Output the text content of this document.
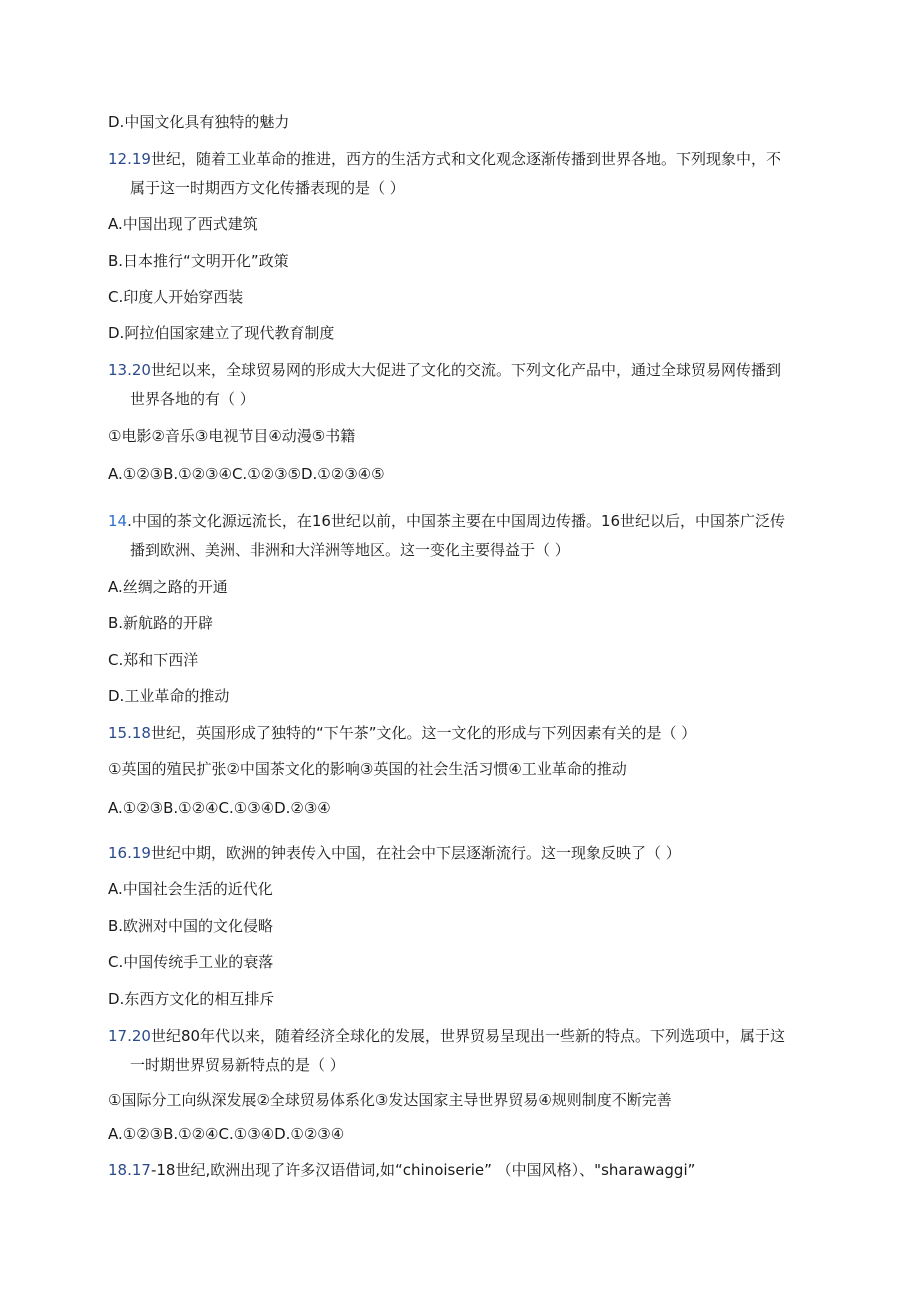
D.中国文化具有独特的魅力
12.19世纪，随着工业革命的推进，西方的生活方式和文化观念逐渐传播到世界各地。下列现象中，不
属于这一时期西方文化传播表现的是（ ）
A.中国出现了西式建筑
B.日本推行“文明开化”政策
C.印度人开始穿西装
D.阿拉伯国家建立了现代教育制度
13.20世纪以来，全球贸易网的形成大大促进了文化的交流。下列文化产品中，通过全球贸易网传播到
世界各地的有（ ）
①电影②音乐③电视节目④动漫⑤书籍
A.①②③B.①②③④C.①②③⑤D.①②③④⑤
14.中国的茶文化源远流长，在16世纪以前，中国茶主要在中国周边传播。16世纪以后，中国茶广泛传
播到欧洲、美洲、非洲和大洋洲等地区。这一变化主要得益于（ ）
A.丝绸之路的开通
B.新航路的开辟
C.郑和下西洋
D.工业革命的推动
15.18世纪，英国形成了独特的“下午茶”文化。这一文化的形成与下列因素有关的是（ ）
①英国的殖民扩张②中国茶文化的影响③英国的社会生活习惯④工业革命的推动
A.①②③B.①②④C.①③④D.②③④
16.19世纪中期，欧洲的钟表传入中国，在社会中下层逐渐流行。这一现象反映了（ ）
A.中国社会生活的近代化
B.欧洲对中国的文化侵略
C.中国传统手工业的衰落
D.东西方文化的相互排斥
17.20世纪80年代以来，随着经济全球化的发展，世界贸易呈现出一些新的特点。下列选项中，属于这
一时期世界贸易新特点的是（ ）
①国际分工向纵深发展②全球贸易体系化③发达国家主导世界贸易④规则制度不断完善
A.①②③B.①②④C.①③④D.①②③④
18.17-18世纪,欧洲出现了许多汉语借词,如“chinoiserie” （中国风格）、"sharawaggi”
